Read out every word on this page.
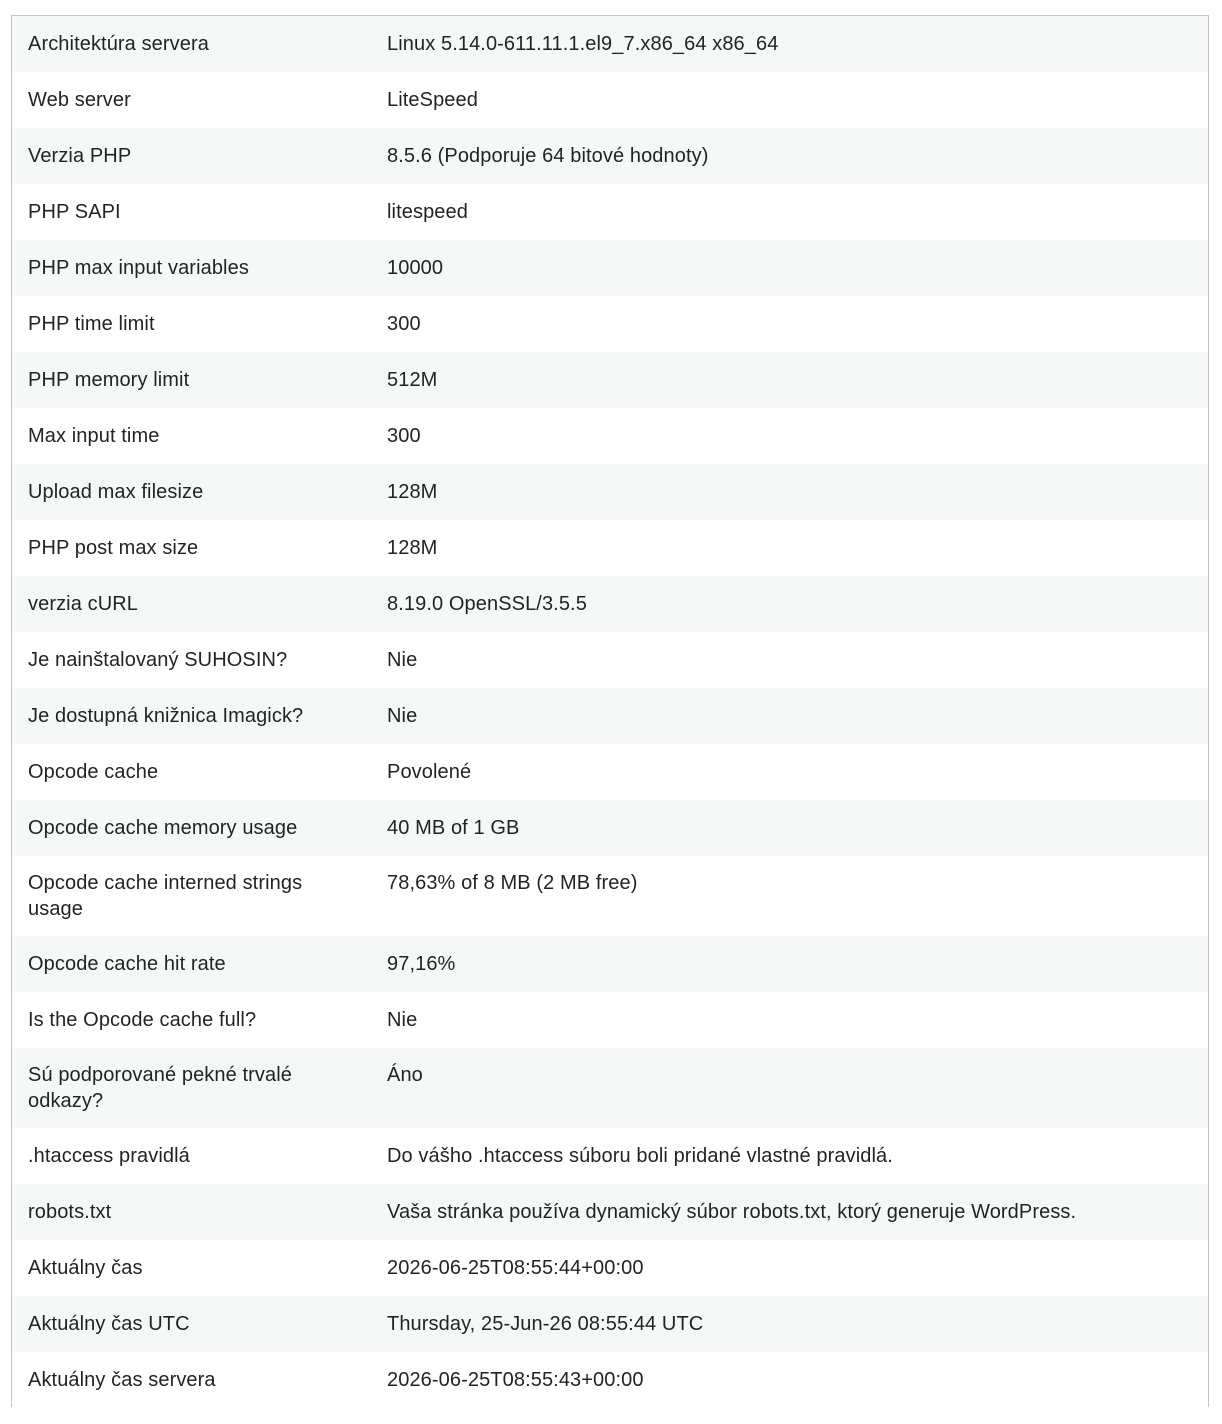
Architektúra servera	Linux 5.14.0-611.11.1.el9_7.x86_64 x86_64
Web server	LiteSpeed
Verzia PHP	8.5.6 (Podporuje 64 bitové hodnoty)
PHP SAPI	litespeed
PHP max input variables	10000
PHP time limit	300
PHP memory limit	512M
Max input time	300
Upload max filesize	128M
PHP post max size	128M
verzia cURL	8.19.0 OpenSSL/3.5.5
Je nainštalovaný SUHOSIN?	Nie
Je dostupná knižnica Imagick?	Nie
Opcode cache	Povolené
Opcode cache memory usage	40 MB of 1 GB
Opcode cache interned strings usage	78,63% of 8 MB (2 MB free)
Opcode cache hit rate	97,16%
Is the Opcode cache full?	Nie
Sú podporované pekné trvalé odkazy?	Áno
.htaccess pravidlá	Do vášho .htaccess súboru boli pridané vlastné pravidlá.
robots.txt	Vaša stránka používa dynamický súbor robots.txt, ktorý generuje WordPress.
Aktuálny čas	2026-06-25T08:55:44+00:00
Aktuálny čas UTC	Thursday, 25-Jun-26 08:55:44 UTC
Aktuálny čas servera	2026-06-25T08:55:43+00:00
